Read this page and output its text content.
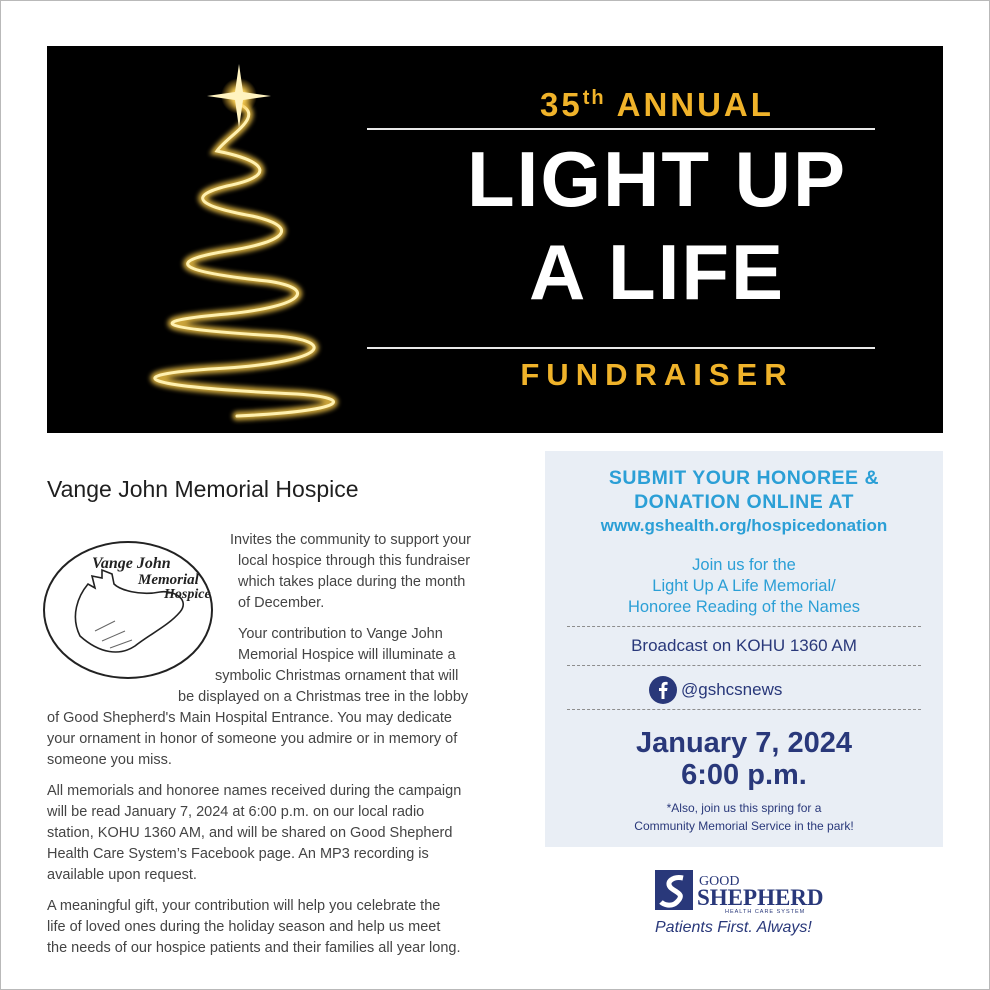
35th ANNUAL
LIGHT UP
A LIFE
FUNDRAISER
Vange John Memorial Hospice
Vange John
Memorial
Hospice
Invites the community to support your
local hospice through this fundraiser
which takes place during the month
of December.
Your contribution to Vange John
Memorial Hospice will illuminate a
symbolic Christmas ornament that will
be displayed on a Christmas tree in the lobby
of Good Shepherd's Main Hospital Entrance. You may dedicate
your ornament in honor of someone you admire or in memory of
someone you miss.
All memorials and honoree names received during the campaign
will be read January 7, 2024 at 6:00 p.m. on our local radio
station, KOHU 1360 AM, and will be shared on Good Shepherd
Health Care System’s Facebook page. An MP3 recording is
available upon request.
A meaningful gift, your contribution will help you celebrate the
life of loved ones during the holiday season and help us meet
the needs of our hospice patients and their families all year long.
SUBMIT YOUR HONOREE &
DONATION ONLINE AT
www.gshealth.org/hospicedonation
Join us for the
Light Up A Life Memorial/
Honoree Reading of the Names
Broadcast on KOHU 1360 AM
@gshcsnews
January 7, 2024
6:00 p.m.
*Also, join us this spring for a
Community Memorial Service in the park!
GOOD
SHEPHERD
HEALTH CARE SYSTEM
Patients First. Always!
